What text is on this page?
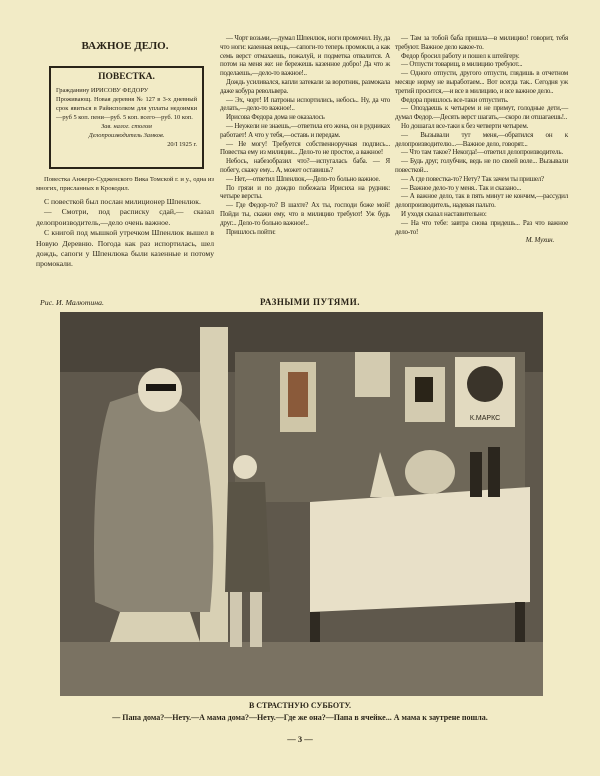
ВАЖНОЕ ДЕЛО.
ПОВЕСТКА.

Гражданину ИРИСОВУ ФЕДОРУ

Проживающ. Новая деревня № 127 в 3-х дневный срок явиться в Райисполком для уплаты недоимки—руб 5 коп. пени—руб. 5 коп. всего—руб. 10 коп.

Зав. налог. столом
Делопроизводитель Замков.
20/I 1925 г.

Повестка Анжеро-Судженского Вика Томской г. и у., одна из многих, присланных в Крокодил.

С повесткой был послан милиционер Шпенлюк.

— Смотри, под расписку сдай,— сказал делопроизводитель,—дело очень важное.

С книгой под мышкой утречком Шпенлюк вышел в Новую Деревню. Погода как раз испортилась, шел дождь, сапоги у Шпенлюка были казенные и потому промокали.

— Чорт возьми,—думал Шпенлюк, ноги промочил. Ну, да что ноги: казенная вещь,—сапоги-то теперь промокли, а как семь верст отмахаешь, пожалуй, и подметка отвалится. А потом на меня же: не бережешь казенное добро! Да что ж поделаешь,—дело-то важное!..

Дождь усиливался, капли затекали за воротник, размокала даже кобура револьвера.

— Эх, чорт! И патроны испортились, небось.. Ну, да что делать,—дело-то важное!..

Ирисова Федора дома не оказалось

— Неужели не знаешь,—ответила его жена, он в рудниках работает! А что у тебя,—оставь и передам.

— Не могу! Требуется собственноручная подпись... Повестка ему из милиции... Дело-то не простое, а важное!

Небось, набезобразил что?—испугалась баба. — Я побегу, скажу ему... А, может оставишь?

— Нет,—ответил Шпенлюк,—Дело-то больно важное.

По грязи и по дождю побежала Ирисиха на рудник: четыре версты.

— Где Федор-то? В шахте? Ах ты, господи боже мой! Пойди ты, скажи ему, что в милицию требуют! Уж будь друг... Дело-то больно важное!..

Пришлось пойти:

— Там за тобой баба пришла—в милицию! говорит, тебя требуют. Важное дело какое-то.

Федор бросил работу и пошел к штейгеру.

— Отпусти товарищ, в милицию требуют...

— Одного отпусти, другого отпусти, глядишь в отчетном месяце норму не выработаем... Вот всегда так.. Сегодня уж третий просится,—и все в милицию, и все важное дело..

Федора пришлось все-таки отпустить.

— Опоздаешь к четырем и не примут, голодные дети,—думал Федор.—Десять верст шагать,—скоро ли отшагаешь!..

Но дошагал все-таки к без четверти четырем.

— Вызывали тут меня,—обратился он к делопроизводителю...—Важное дело, говорят...

— Что там такое? Некогда!—ответил делопроизводитель.

— Будь друг, голубчик, ведь не по своей воле... Вызывали повесткой...

— А где повестка-то? Нету? Так зачем ты пришел?

— Важное дело-то у меня.. Так и сказано...

— А важное дело, так в пять минут не кончим,—рассудил делопроизводитель, надевая пальто.

И уходя сказал наставительно:

— На что тебе: завтра снова придешь... Раз что важное дело-то!

М. Мухин.
Рис. И. Малютина.	РАЗНЫМИ ПУТЯМИ.
К.МАРКС
В СТРАСТНУЮ СУББОТУ.
— Папа дома?—Нету.—А мама дома?—Нету.—Где же она?—Папа в ячейке... А мама к заутрене пошла.
— 3 —
